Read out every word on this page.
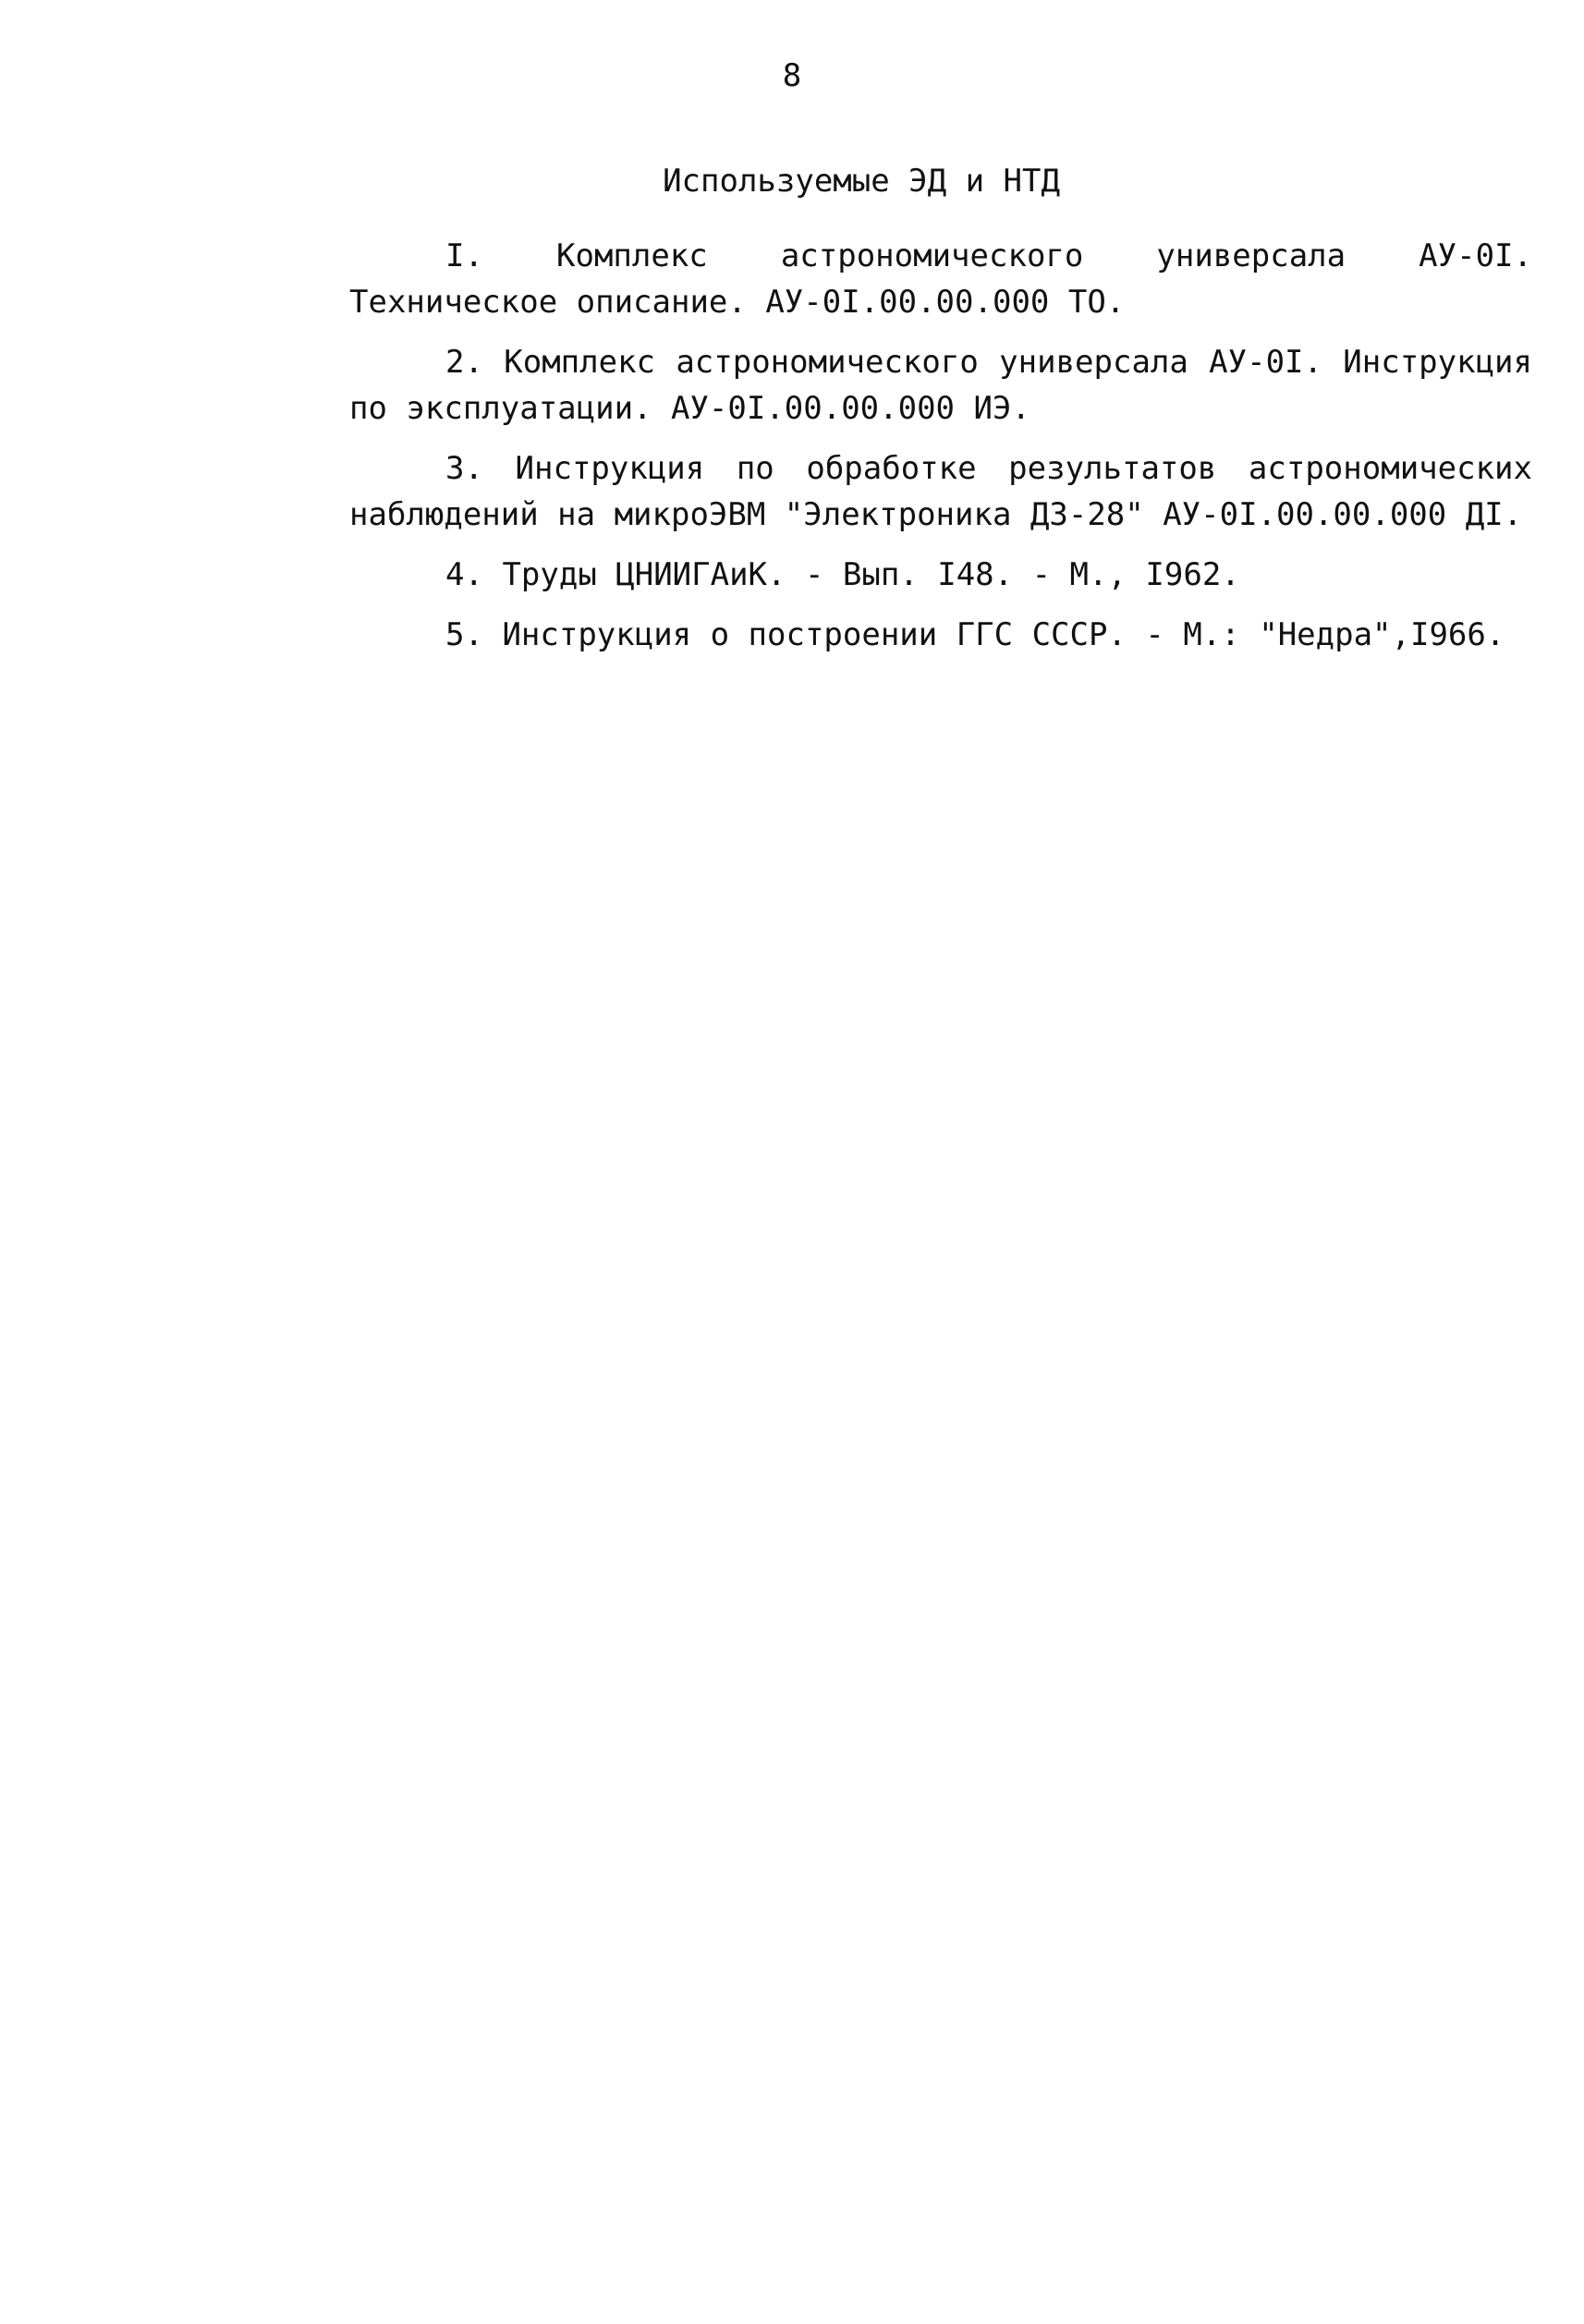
8
Используемые ЭД и НТД

I. Комплекс астрономического универсала АУ-0I. Техническое описание. АУ-0I.00.00.000 ТО.

2. Комплекс астрономического универсала АУ-0I. Инструкция по эксплуатации. АУ-0I.00.00.000 ИЭ.

3. Инструкция по обработке результатов астрономических наблюдений на микроЭВМ "Электроника ДЗ-28" АУ-0I.00.00.000 ДI.

4. Труды ЦНИИГАиК. - Вып. I48. - М., I962.

5. Инструкция о построении ГГС СССР. - М.: "Недра",I966.
